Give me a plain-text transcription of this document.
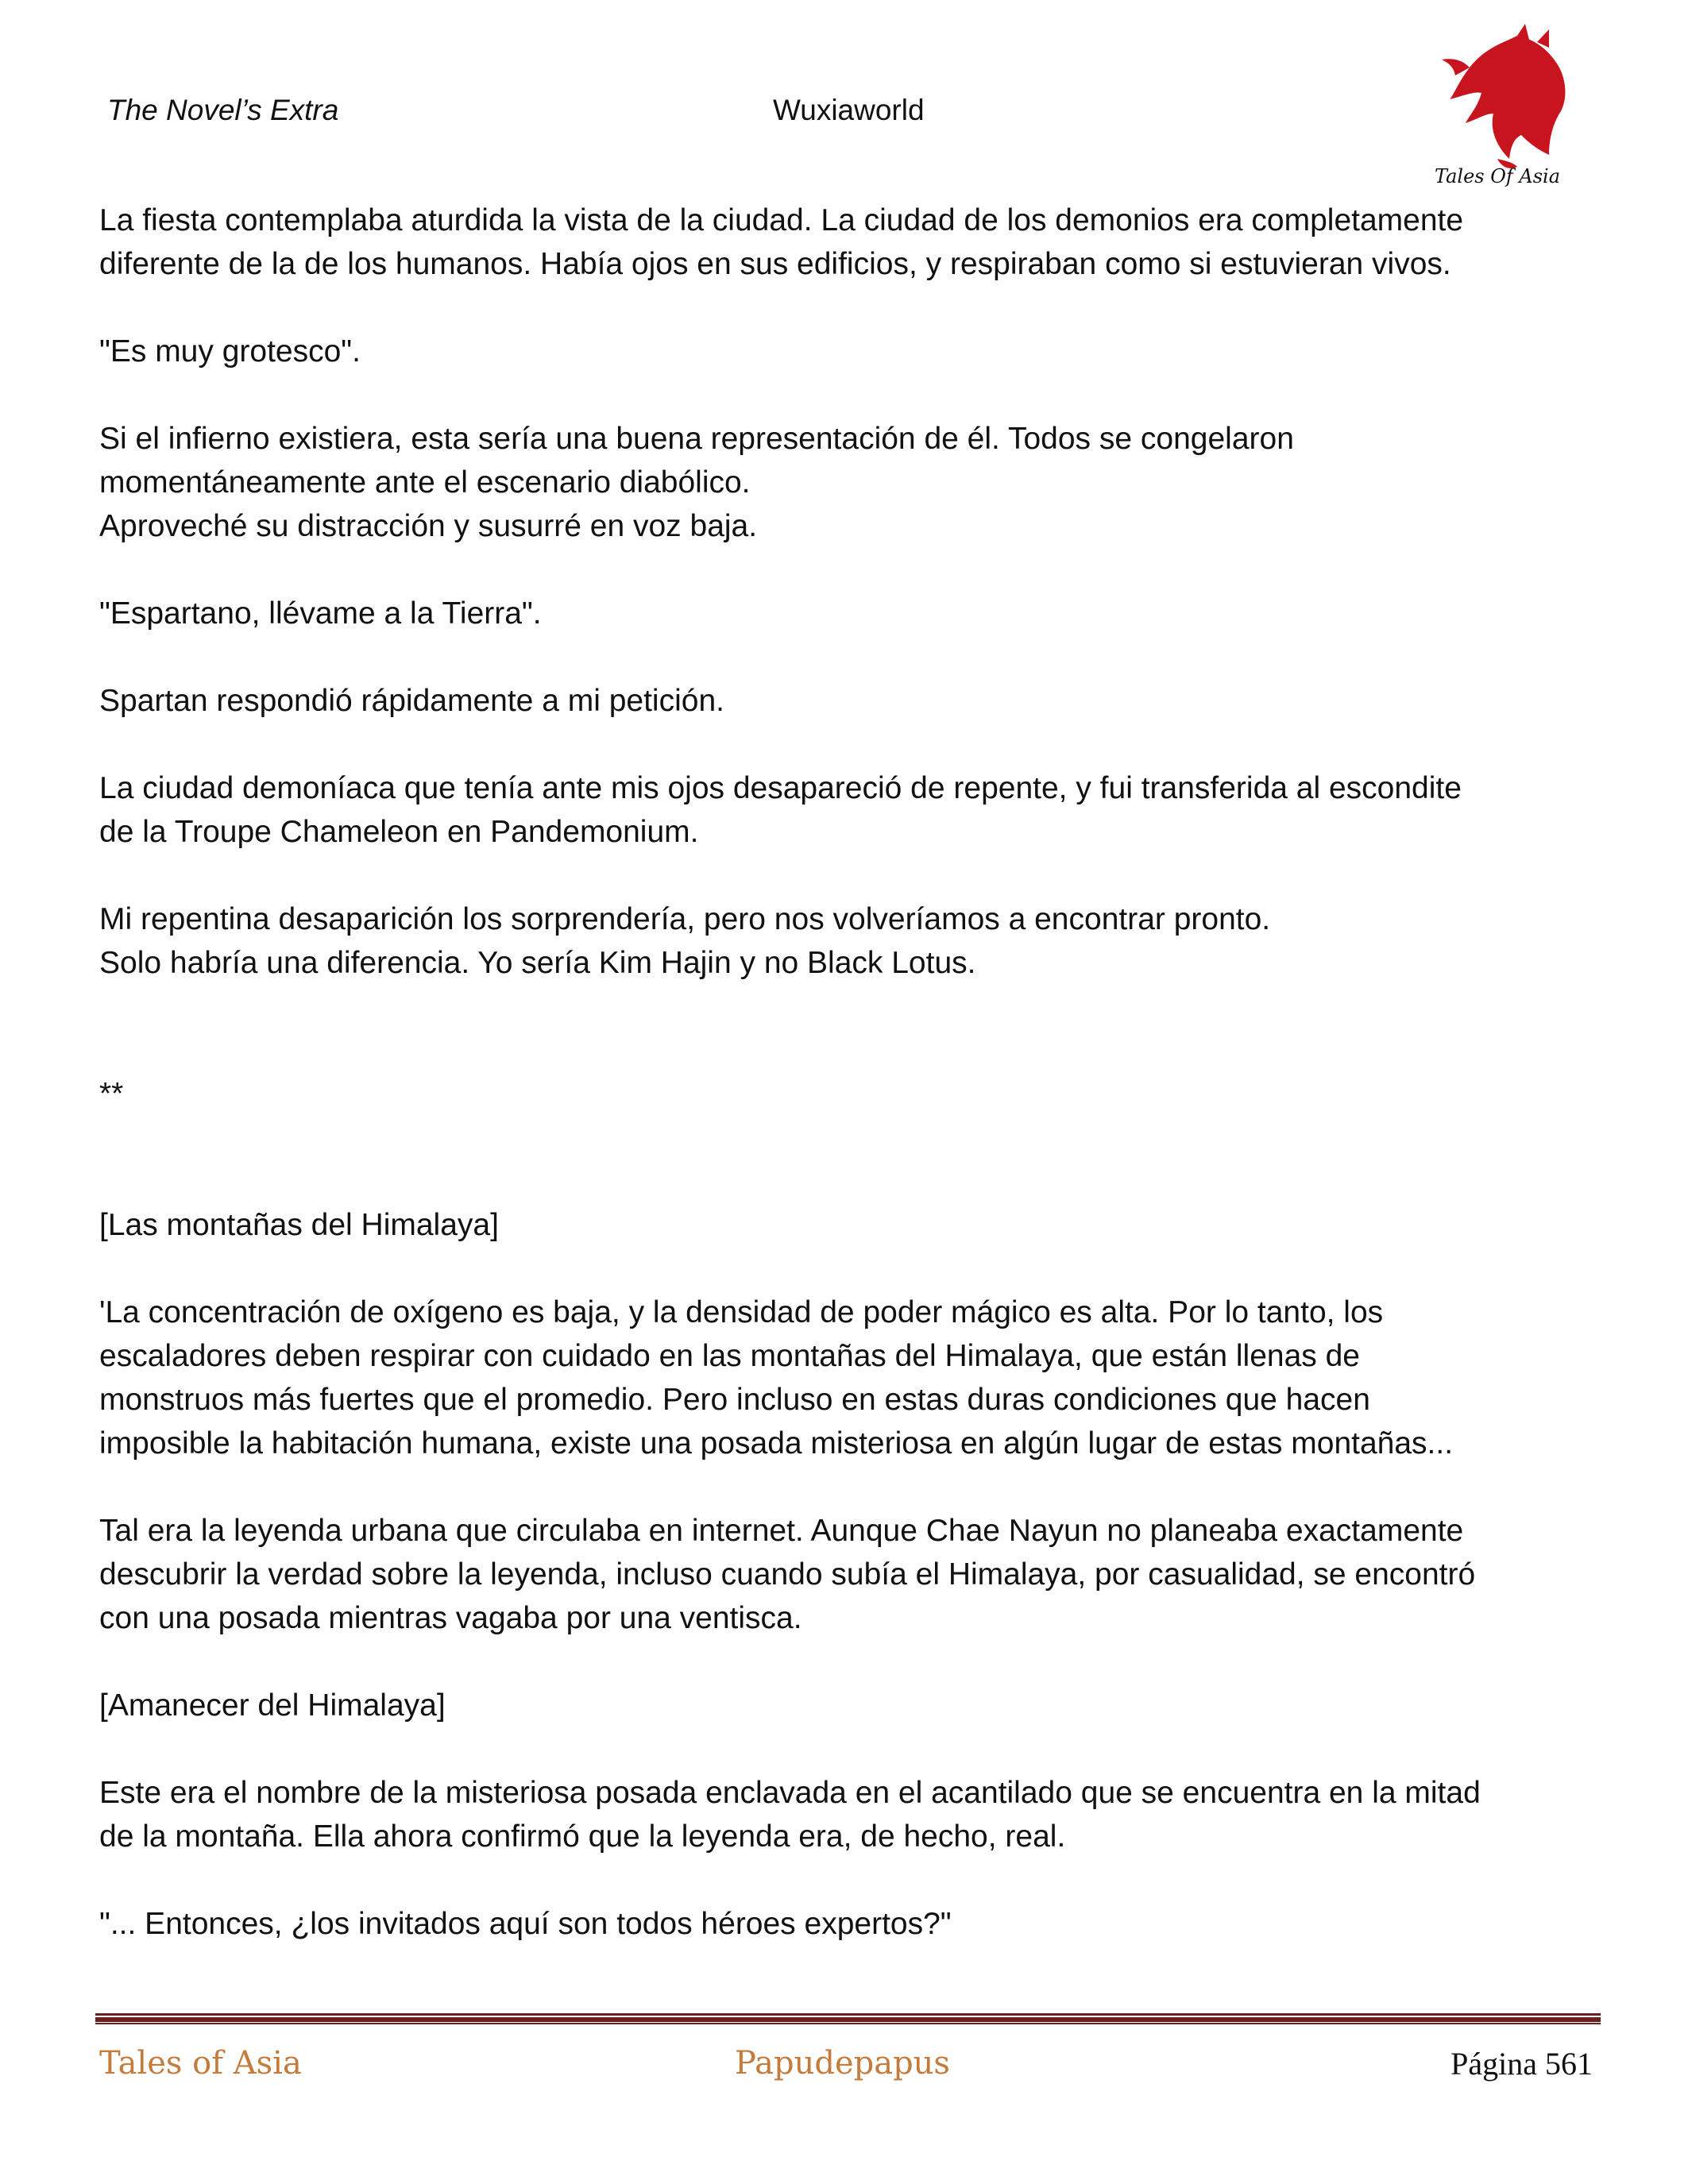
The Novel’s Extra	Wuxiaworld
Tales Of Asia

La fiesta contemplaba aturdida la vista de la ciudad. La ciudad de los demonios era completamente
diferente de la de los humanos. Había ojos en sus edificios, y respiraban como si estuvieran vivos.

"Es muy grotesco".

Si el infierno existiera, esta sería una buena representación de él. Todos se congelaron
momentáneamente ante el escenario diabólico.
Aproveché su distracción y susurré en voz baja.

"Espartano, llévame a la Tierra".

Spartan respondió rápidamente a mi petición.

La ciudad demoníaca que tenía ante mis ojos desapareció de repente, y fui transferida al escondite
de la Troupe Chameleon en Pandemonium.

Mi repentina desaparición los sorprendería, pero nos volveríamos a encontrar pronto.
Solo habría una diferencia. Yo sería Kim Hajin y no Black Lotus.

**

[Las montañas del Himalaya]

'La concentración de oxígeno es baja, y la densidad de poder mágico es alta. Por lo tanto, los
escaladores deben respirar con cuidado en las montañas del Himalaya, que están llenas de
monstruos más fuertes que el promedio. Pero incluso en estas duras condiciones que hacen
imposible la habitación humana, existe una posada misteriosa en algún lugar de estas montañas...

Tal era la leyenda urbana que circulaba en internet. Aunque Chae Nayun no planeaba exactamente
descubrir la verdad sobre la leyenda, incluso cuando subía el Himalaya, por casualidad, se encontró
con una posada mientras vagaba por una ventisca.

[Amanecer del Himalaya]

Este era el nombre de la misteriosa posada enclavada en el acantilado que se encuentra en la mitad
de la montaña. Ella ahora confirmó que la leyenda era, de hecho, real.

"... Entonces, ¿los invitados aquí son todos héroes expertos?"

Tales of Asia	Papudepapus	Página 561
